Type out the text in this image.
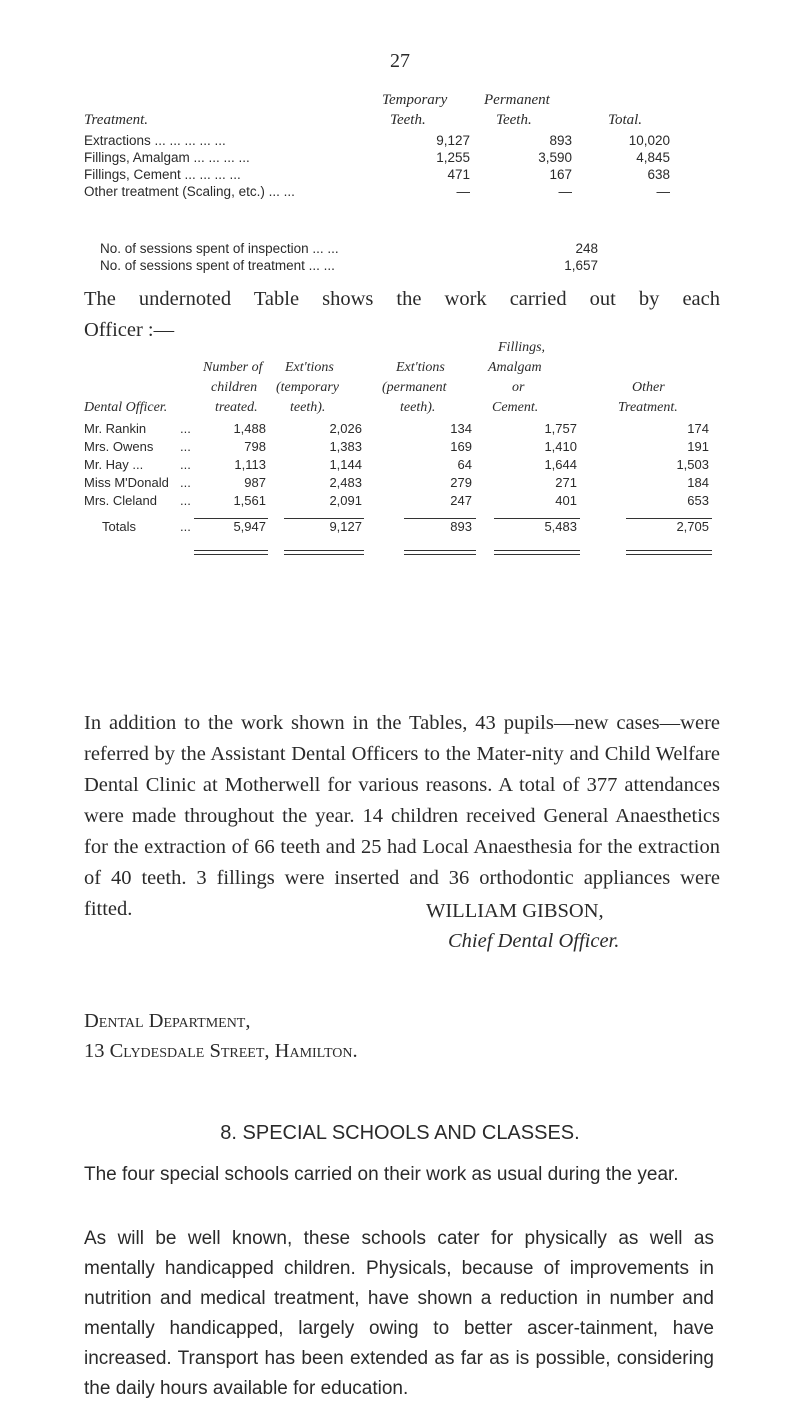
27
Treatment.
Temporary
Teeth.
Permanent
Teeth.	Total.
Extractions ... ... ... ... ...	9,127	893	10,020
Fillings, Amalgam ... ... ... ...	1,255	3,590	4,845
Fillings, Cement ... ... ... ...	471	167	638
Other treatment (Scaling, etc.) ... ...	—	—	—
No. of sessions spent of inspection ... ...	248
No. of sessions spent of treatment ... ...	1,657
The undernoted Table shows the work carried out by each
Officer :—
Dental Officer.
Number of
children
treated.
Ext'tions
(temporary
teeth).
Ext'tions
(permanent
teeth).
Fillings,
Amalgam
or
Cement.
Other
Treatment.
Mr. Rankin	...	1,488	2,026	134	1,757	174
Mrs. Owens ...	798	1,383	169	1,410	191
Mr. Hay ...	...	1,113	1,144	64	1,644	1,503
Miss M'Donald ...	987	2,483	279	271	184
Mrs. Cleland ...	1,561	2,091	247	401	653
Totals	...	5,947	9,127	893	5,483	2,705
In addition to the work shown in the Tables, 43 pupils—new cases—were referred by the Assistant Dental Officers to the Mater-nity and Child Welfare Dental Clinic at Motherwell for various reasons. A total of 377 attendances were made throughout the year. 14 children received General Anaesthetics for the extraction of 66 teeth and 25 had Local Anaesthesia for the extraction of 40 teeth. 3 fillings were inserted and 36 orthodontic appliances were fitted.	WILLIAM GIBSON,
Chief Dental Officer.
Dental Department,
13 Clydesdale Street, Hamilton.
8. SPECIAL SCHOOLS AND CLASSES.
The four special schools carried on their work as usual during the year.
As will be well known, these schools cater for physically as well as mentally handicapped children. Physicals, because of improvements in nutrition and medical treatment, have shown a reduction in number and mentally handicapped, largely owing to better ascer-tainment, have increased. Transport has been extended as far as is possible, considering the daily hours available for education.
